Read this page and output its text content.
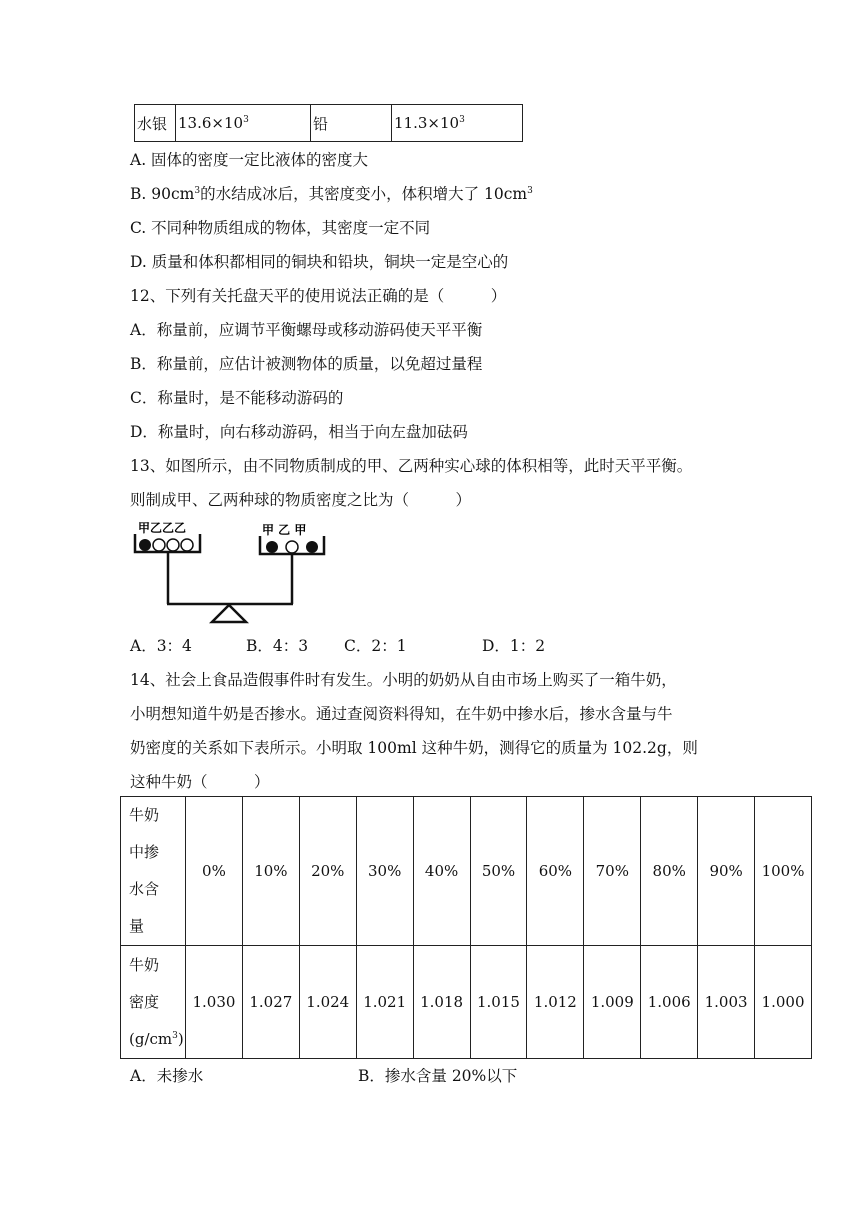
水银	$13.6\times 10^3$	铅	$11.3\times 10^3$
A. 固体的密度一定比液体的密度大
B. $90cm^3$的水结成冰后，其密度变小，体积增大了 $10cm^3$
C. 不同种物质组成的物体，其密度一定不同
D. 质量和体积都相同的铜块和铅块，铜块一定是空心的
12、下列有关托盘天平的使用说法正确的是（　　　）
A．称量前，应调节平衡螺母或移动游码使天平平衡
B．称量前，应估计被测物体的质量，以免超过量程
C．称量时，是不能移动游码的
D．称量时，向右移动游码，相当于向左盘加砝码
13、如图所示，由不同物质制成的甲、乙两种实心球的体积相等，此时天平平衡。
则制成甲、乙两种球的物质密度之比为（　　　）
甲乙乙乙	甲 乙 甲
A．3：4	B．4：3 C．2：1	D．1：2
14、社会上食品造假事件时有发生。小明的奶奶从自由市场上购买了一箱牛奶，
小明想知道牛奶是否掺水。通过查阅资料得知，在牛奶中掺水后，掺水含量与牛
奶密度的关系如下表所示。小明取 100ml 这种牛奶，测得它的质量为 102.2g，则
这种牛奶（　　　）
牛奶
中掺
水含
量	0%	10%	20%	30%	40%	50%	60%	70%	80%	90%	100%

牛奶
密度
$(g/cm^3)$	1.030	1.027	1.024	1.021	1.018	1.015	1.012	1.009	1.006	1.003	1.000
A．未掺水	B．掺水含量 20%以下
